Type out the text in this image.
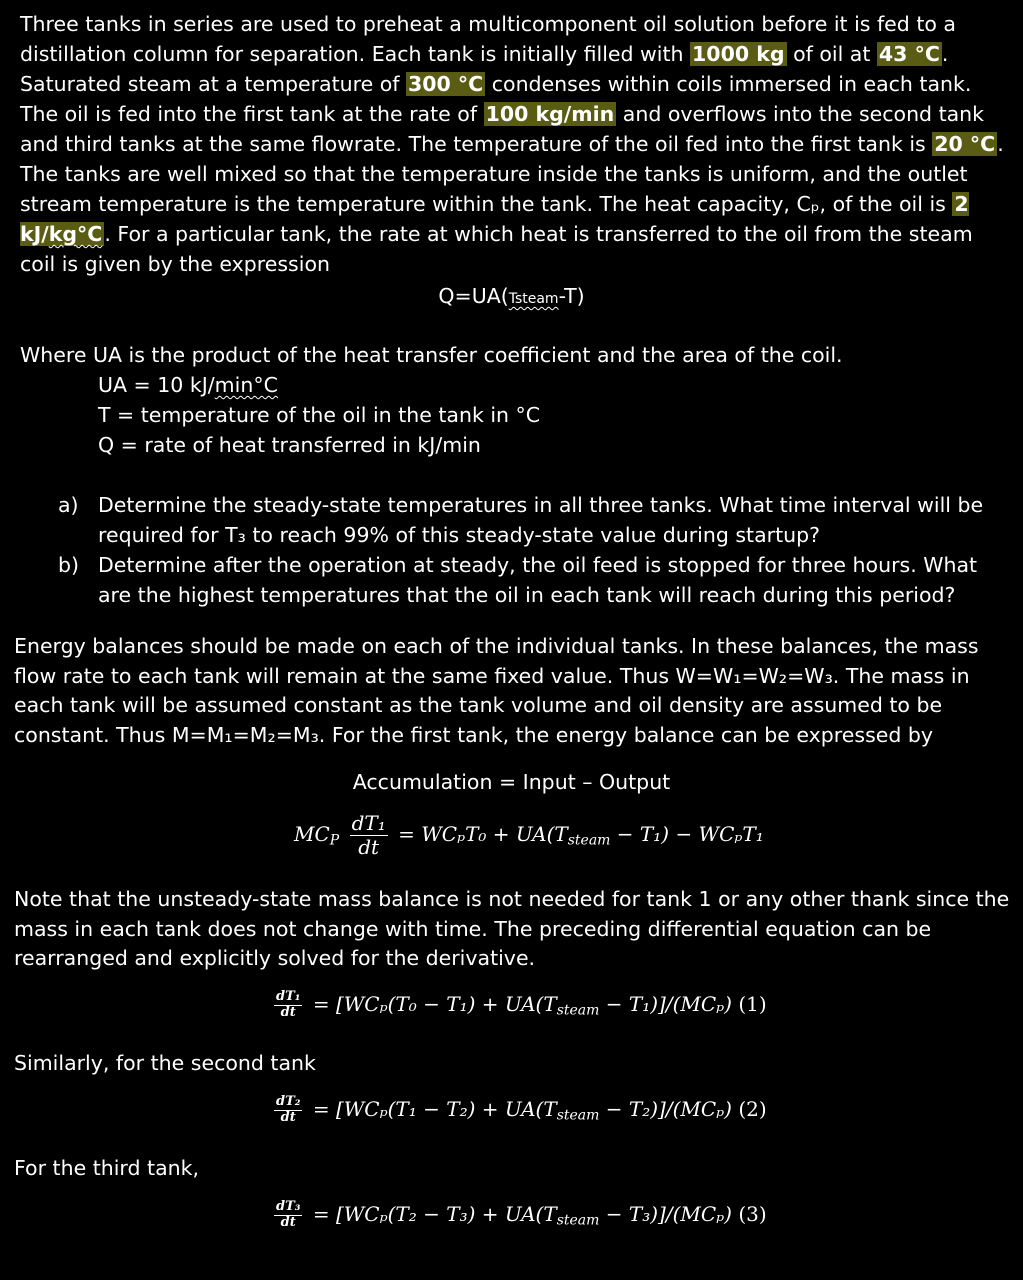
Three tanks in series are used to preheat a multicomponent oil solution before it is fed to a distillation column for separation. Each tank is initially filled with 1000 kg of oil at 43 °C. Saturated steam at a temperature of 300 °C condenses within coils immersed in each tank. The oil is fed into the first tank at the rate of 100 kg/min and overflows into the second tank and third tanks at the same flowrate. The temperature of the oil fed into the first tank is 20 °C. The tanks are well mixed so that the temperature inside the tanks is uniform, and the outlet stream temperature is the temperature within the tank. The heat capacity, Cₚ, of the oil is 2 kJ/kg°C. For a particular tank, the rate at which heat is transferred to the oil from the steam coil is given by the expression

Q=UA(Tsteam-T)

Where UA is the product of the heat transfer coefficient and the area of the coil.

UA = 10 kJ/min°C
T = temperature of the oil in the tank in °C
Q = rate of heat transferred in kJ/min
a) Determine the steady-state temperatures in all three tanks. What time interval will be required for T₃ to reach 99% of this steady-state value during startup?
b) Determine after the operation at steady, the oil feed is stopped for three hours. What are the highest temperatures that the oil in each tank will reach during this period?

Energy balances should be made on each of the individual tanks. In these balances, the mass flow rate to each tank will remain at the same fixed value. Thus W=W₁=W₂=W₃. The mass in each tank will be assumed constant as the tank volume and oil density are assumed to be constant. Thus M=M₁=M₂=M₃. For the first tank, the energy balance can be expressed by

Accumulation = Input – Output
$MC_P \frac{\text{dT₁}}{dt} = WC_pT_0 + UA(T_{steam} - T_1) - WC_pT_1$

Note that the unsteady-state mass balance is not needed for tank 1 or any other thank since the mass in each tank does not change with time. The preceding differential equation can be rearranged and explicitly solved for the derivative.

$\frac{\text{dT₁}}{dt} = [WC_p(T_0 - T_1) + UA(T_{steam} - T_1)]/(MC_p)$ (1)

Similarly, for the second tank

$\frac{\text{dT₂}}{dt} = [WC_p(T_1 - T_2) + UA(T_{steam} - T_2)]/(MC_p)$ (2)

For the third tank,

$\frac{\text{dT₃}}{dt} = [WC_p(T_2 - T_3) + UA(T_{steam} - T_3)]/(MC_p)$ (3)
